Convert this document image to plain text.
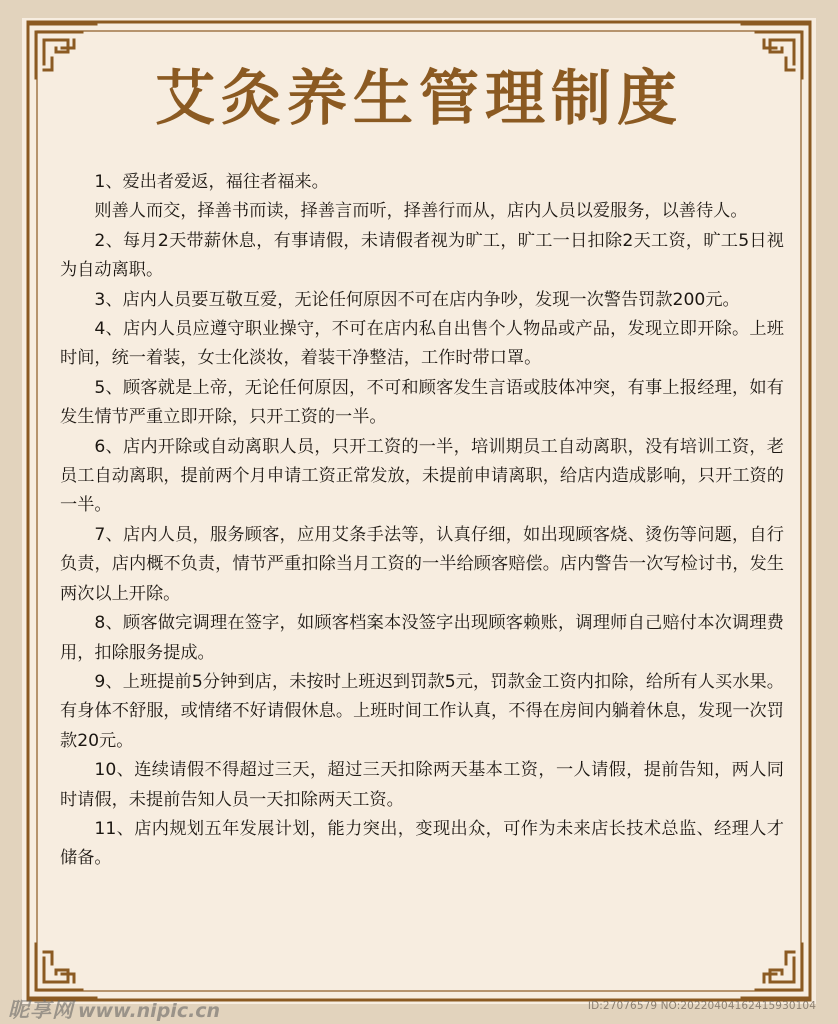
艾灸养生管理制度

1、爱出者爱返，福往者福来。

则善人而交，择善书而读，择善言而听，择善行而从，店内人员以爱服务，以善待人。

2、每月2天带薪休息，有事请假，未请假者视为旷工，旷工一日扣除2天工资，旷工5日视为自动离职。

3、店内人员要互敬互爱，无论任何原因不可在店内争吵，发现一次警告罚款200元。

4、店内人员应遵守职业操守，不可在店内私自出售个人物品或产品，发现立即开除。上班时间，统一着装，女士化淡妆，着装干净整洁，工作时带口罩。

5、顾客就是上帝，无论任何原因，不可和顾客发生言语或肢体冲突，有事上报经理，如有发生情节严重立即开除，只开工资的一半。

6、店内开除或自动离职人员，只开工资的一半，培训期员工自动离职，没有培训工资，老员工自动离职，提前两个月申请工资正常发放，未提前申请离职，给店内造成影响，只开工资的一半。

7、店内人员，服务顾客，应用艾条手法等，认真仔细，如出现顾客烧、烫伤等问题，自行负责，店内概不负责，情节严重扣除当月工资的一半给顾客赔偿。店内警告一次写检讨书，发生两次以上开除。

8、顾客做完调理在签字，如顾客档案本没签字出现顾客赖账，调理师自己赔付本次调理费用，扣除服务提成。

9、上班提前5分钟到店，未按时上班迟到罚款5元，罚款金工资内扣除，给所有人买水果。有身体不舒服，或情绪不好请假休息。上班时间工作认真，不得在房间内躺着休息，发现一次罚款20元。

10、连续请假不得超过三天，超过三天扣除两天基本工资，一人请假，提前告知，两人同时请假，未提前告知人员一天扣除两天工资。

11、店内规划五年发展计划，能力突出，变现出众，可作为未来店长技术总监、经理人才储备。

昵享网 www.nipic.cn	ID:27076579 NO:20220404162415930104
